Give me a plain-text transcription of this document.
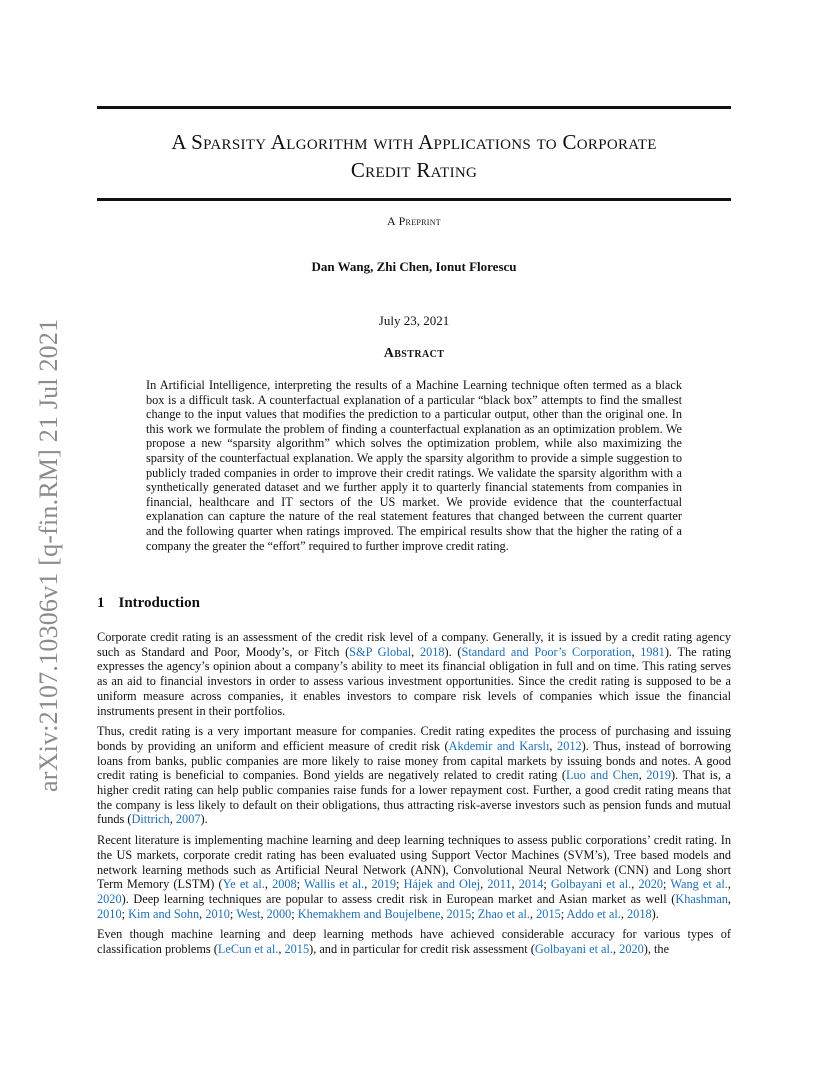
arXiv:2107.10306v1 [q-fin.RM] 21 Jul 2021
A Sparsity Algorithm with Applications to Corporate
Credit Rating
A Preprint
Dan Wang, Zhi Chen, Ionut Florescu
July 23, 2021
Abstract
In Artificial Intelligence, interpreting the results of a Machine Learning technique often termed as a black box is a difficult task. A counterfactual explanation of a particular “black box” attempts to find the smallest change to the input values that modifies the prediction to a particular output, other than the original one. In this work we formulate the problem of finding a counterfactual explanation as an optimization problem. We propose a new “sparsity algorithm” which solves the optimization problem, while also maximizing the sparsity of the counterfactual explanation. We apply the sparsity algorithm to provide a simple suggestion to publicly traded companies in order to improve their credit ratings. We validate the sparsity algorithm with a synthetically generated dataset and we further apply it to quarterly financial statements from companies in financial, healthcare and IT sectors of the US market. We provide evidence that the counterfactual explanation can capture the nature of the real statement features that changed between the current quarter and the following quarter when ratings improved. The empirical results show that the higher the rating of a company the greater the “effort” required to further improve credit rating.
1 Introduction

Corporate credit rating is an assessment of the credit risk level of a company. Generally, it is issued by a credit rating agency such as Standard and Poor, Moody’s, or Fitch (S&P Global, 2018). (Standard and Poor’s Corporation, 1981). The rating expresses the agency’s opinion about a company’s ability to meet its financial obligation in full and on time. This rating serves as an aid to financial investors in order to assess various investment opportunities. Since the credit rating is supposed to be a uniform measure across companies, it enables investors to compare risk levels of companies which issue the financial instruments present in their portfolios.

Thus, credit rating is a very important measure for companies. Credit rating expedites the process of purchasing and issuing bonds by providing an uniform and efficient measure of credit risk (Akdemir and Karslı, 2012). Thus, instead of borrowing loans from banks, public companies are more likely to raise money from capital markets by issuing bonds and notes. A good credit rating is beneficial to companies. Bond yields are negatively related to credit rating (Luo and Chen, 2019). That is, a higher credit rating can help public companies raise funds for a lower repayment cost. Further, a good credit rating means that the company is less likely to default on their obligations, thus attracting risk-averse investors such as pension funds and mutual funds (Dittrich, 2007).

Recent literature is implementing machine learning and deep learning techniques to assess public corporations’ credit rating. In the US markets, corporate credit rating has been evaluated using Support Vector Machines (SVM’s), Tree based models and network learning methods such as Artificial Neural Network (ANN), Convolutional Neural Network (CNN) and Long short Term Memory (LSTM) (Ye et al., 2008; Wallis et al., 2019; Hájek and Olej, 2011, 2014; Golbayani et al., 2020; Wang et al., 2020). Deep learning techniques are popular to assess credit risk in European market and Asian market as well (Khashman, 2010; Kim and Sohn, 2010; West, 2000; Khemakhem and Boujelbene, 2015; Zhao et al., 2015; Addo et al., 2018).

Even though machine learning and deep learning methods have achieved considerable accuracy for various types of classification problems (LeCun et al., 2015), and in particular for credit risk assessment (Golbayani et al., 2020), the
